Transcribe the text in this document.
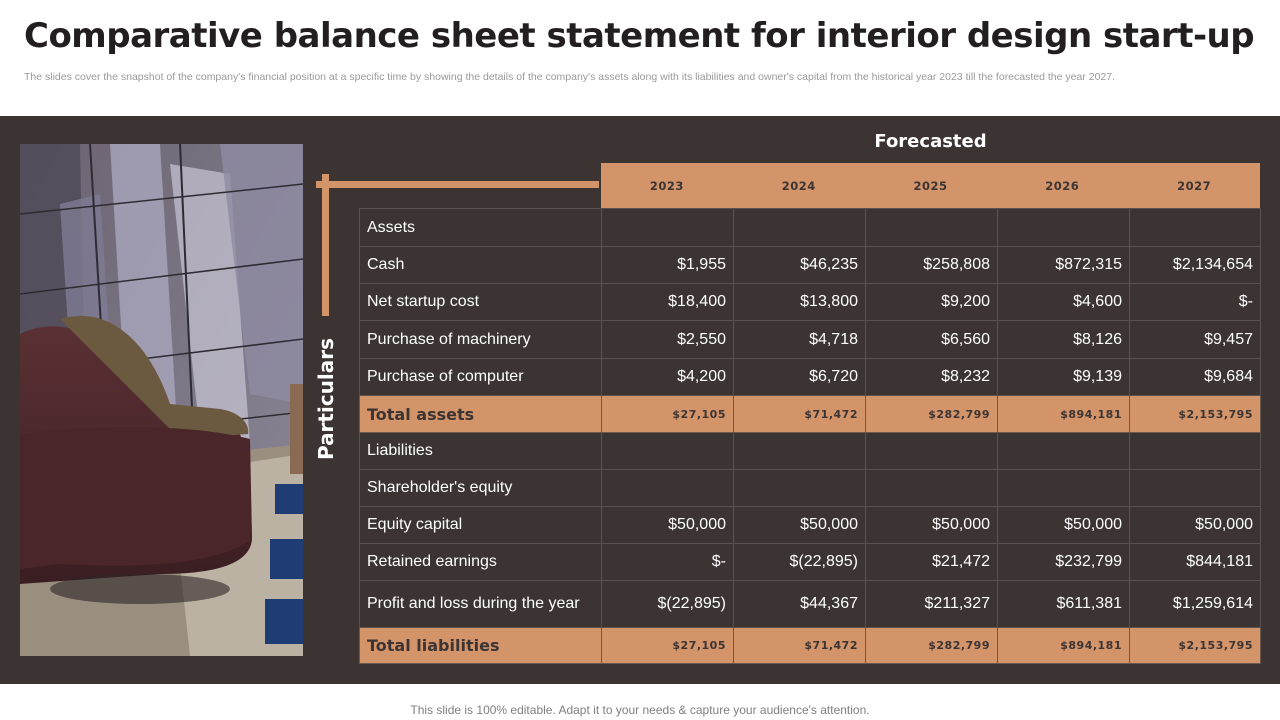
Comparative balance sheet statement for interior design start-up
The slides cover the snapshot of the company's financial position at a specific time by showing the details of the company's assets along with its liabilities and owner's capital from the historical year 2023 till the forecasted the year 2027.
Forecasted
Particulars
2023	2024	2025	2026	2027
Assets					
Cash	$1,955	$46,235	$258,808	$872,315	$2,134,654
Net startup cost	$18,400	$13,800	$9,200	$4,600	$-
Purchase of machinery	$2,550	$4,718	$6,560	$8,126	$9,457
Purchase of computer	$4,200	$6,720	$8,232	$9,139	$9,684
Total assets	$27,105	$71,472	$282,799	$894,181	$2,153,795
Liabilities					
Shareholder's equity					
Equity capital	$50,000	$50,000	$50,000	$50,000	$50,000
Retained earnings	$-	$(22,895)	$21,472	$232,799	$844,181
Profit and loss during the year	$(22,895)	$44,367	$211,327	$611,381	$1,259,614
Total liabilities	$27,105	$71,472	$282,799	$894,181	$2,153,795
This slide is 100% editable. Adapt it to your needs & capture your audience's attention.
